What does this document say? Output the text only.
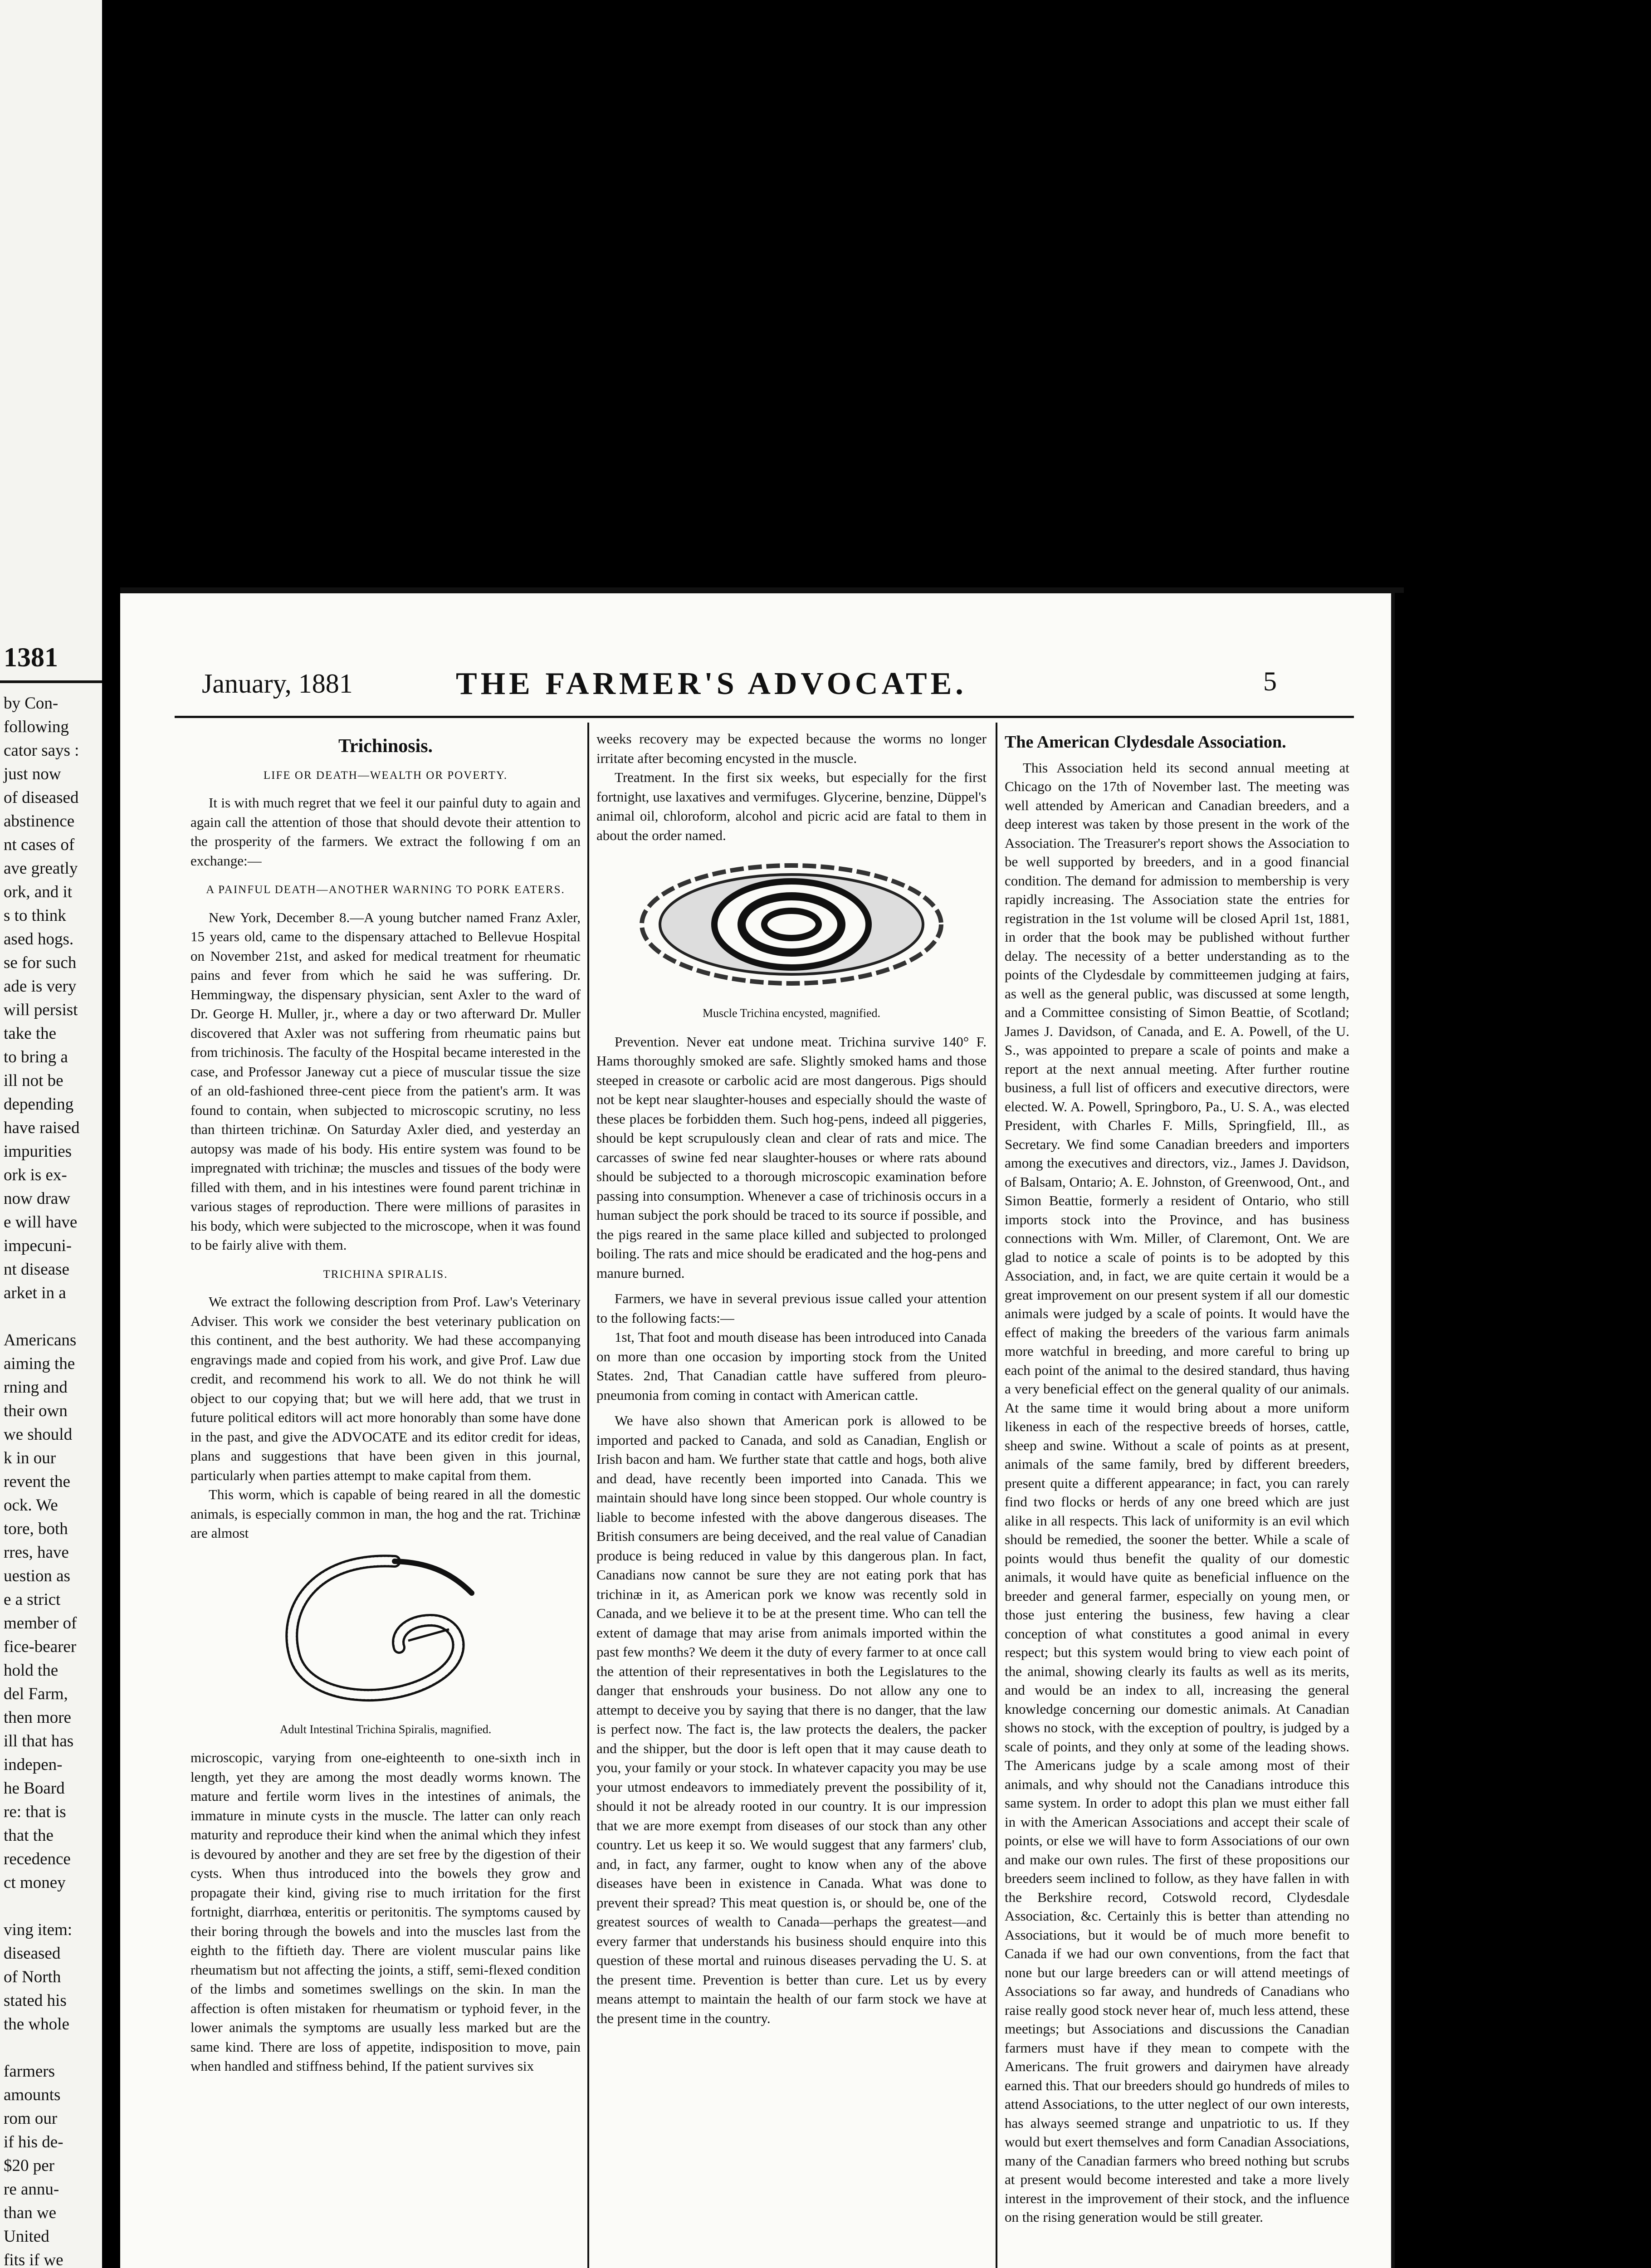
1381
by Con-
following
cator says :
just now
of diseased
abstinence
nt cases of
ave greatly
ork, and it
s to think
ased hogs.
se for such
ade is very
will persist
take the
to bring a
ill not be
depending
have raised
impurities
ork is ex-
now draw
e will have
impecuni-
nt disease
arket in a
Americans
aiming the
rning and
their own
we should
k in our
revent the
ock. We
tore, both
rres, have
uestion as
e a strict
member of
fice-bearer
hold the
del Farm,
then more
ill that has
indepen-
he Board
re: that is
that the
recedence
ct money
ving item:
diseased
of North
stated his
the whole
farmers
amounts
rom our
if his de-
$20 per
re annu-
than we
United
fits if we
January, 1881	THE FARMER'S ADVOCATE.	5
Trichinosis.
LIFE OR DEATH—WEALTH OR POVERTY.

It is with much regret that we feel it our painful duty to again and again call the attention of those that should devote their attention to the prosperity of the farmers. We extract the following f om an exchange:—

A PAINFUL DEATH—ANOTHER WARNING TO PORK EATERS.

New York, December 8.—A young butcher named Franz Axler, 15 years old, came to the dispensary attached to Bellevue Hospital on November 21st, and asked for medical treatment for rheumatic pains and fever from which he said he was suffering. Dr. Hemmingway, the dispensary physician, sent Axler to the ward of Dr. George H. Muller, jr., where a day or two afterward Dr. Muller discovered that Axler was not suffering from rheumatic pains but from trichinosis. The faculty of the Hospital became interested in the case, and Professor Janeway cut a piece of muscular tissue the size of an old-fashioned three-cent piece from the patient's arm. It was found to contain, when subjected to microscopic scrutiny, no less than thirteen trichinæ. On Saturday Axler died, and yesterday an autopsy was made of his body. His entire system was found to be impregnated with trichinæ; the muscles and tissues of the body were filled with them, and in his intestines were found parent trichinæ in various stages of reproduction. There were millions of parasites in his body, which were subjected to the microscope, when it was found to be fairly alive with them.

TRICHINA SPIRALIS.

We extract the following description from Prof. Law's Veterinary Adviser. This work we consider the best veterinary publication on this continent, and the best authority. We had these accompanying engravings made and copied from his work, and give Prof. Law due credit, and recommend his work to all. We do not think he will object to our copying that; but we will here add, that we trust in future political editors will act more honorably than some have done in the past, and give the ADVOCATE and its editor credit for ideas, plans and suggestions that have been given in this journal, particularly when parties attempt to make capital from them.

This worm, which is capable of being reared in all the domestic animals, is especially common in man, the hog and the rat. Trichinæ are almost

Adult Intestinal Trichina Spiralis, magnified.

microscopic, varying from one-eighteenth to one-sixth inch in length, yet they are among the most deadly worms known. The mature and fertile worm lives in the intestines of animals, the immature in minute cysts in the muscle. The latter can only reach maturity and reproduce their kind when the animal which they infest is devoured by another and they are set free by the digestion of their cysts. When thus introduced into the bowels they grow and propagate their kind, giving rise to much irritation for the first fortnight, diarrhœa, enteritis or peritonitis. The symptoms caused by their boring through the bowels and into the muscles last from the eighth to the fiftieth day. There are violent muscular pains like rheumatism but not affecting the joints, a stiff, semi-flexed condition of the limbs and sometimes swellings on the skin. In man the affection is often mistaken for rheumatism or typhoid fever, in the lower animals the symptoms are usually less marked but are the same kind. There are loss of appetite, indisposition to move, pain when handled and stiffness behind, If the patient survives six

weeks recovery may be expected because the worms no longer irritate after becoming encysted in the muscle.

Treatment. In the first six weeks, but especially for the first fortnight, use laxatives and vermifuges. Glycerine, benzine, Düppel's animal oil, chloroform, alcohol and picric acid are fatal to them in about the order named.

Muscle Trichina encysted, magnified.

Prevention. Never eat undone meat. Trichina survive 140° F. Hams thoroughly smoked are safe. Slightly smoked hams and those steeped in creasote or carbolic acid are most dangerous. Pigs should not be kept near slaughter-houses and especially should the waste of these places be forbidden them. Such hog-pens, indeed all piggeries, should be kept scrupulously clean and clear of rats and mice. The carcasses of swine fed near slaughter-houses or where rats abound should be subjected to a thorough microscopic examination before passing into consumption. Whenever a case of trichinosis occurs in a human subject the pork should be traced to its source if possible, and the pigs reared in the same place killed and subjected to prolonged boiling. The rats and mice should be eradicated and the hog-pens and manure burned.

Farmers, we have in several previous issue called your attention to the following facts:—

1st, That foot and mouth disease has been introduced into Canada on more than one occasion by importing stock from the United States. 2nd, That Canadian cattle have suffered from pleuro-pneumonia from coming in contact with American cattle.

We have also shown that American pork is allowed to be imported and packed to Canada, and sold as Canadian, English or Irish bacon and ham. We further state that cattle and hogs, both alive and dead, have recently been imported into Canada. This we maintain should have long since been stopped. Our whole country is liable to become infested with the above dangerous diseases. The British consumers are being deceived, and the real value of Canadian produce is being reduced in value by this dangerous plan. In fact, Canadians now cannot be sure they are not eating pork that has trichinæ in it, as American pork we know was recently sold in Canada, and we believe it to be at the present time. Who can tell the extent of damage that may arise from animals imported within the past few months? We deem it the duty of every farmer to at once call the attention of their representatives in both the Legislatures to the danger that enshrouds your business. Do not allow any one to attempt to deceive you by saying that there is no danger, that the law is perfect now. The fact is, the law protects the dealers, the packer and the shipper, but the door is left open that it may cause death to you, your family or your stock. In whatever capacity you may be use your utmost endeavors to immediately prevent the possibility of it, should it not be already rooted in our country. It is our impression that we are more exempt from diseases of our stock than any other country. Let us keep it so. We would suggest that any farmers' club, and, in fact, any farmer, ought to know when any of the above diseases have been in existence in Canada. What was done to prevent their spread? This meat question is, or should be, one of the greatest sources of wealth to Canada—perhaps the greatest—and every farmer that understands his business should enquire into this question of these mortal and ruinous diseases pervading the U. S. at the present time. Prevention is better than cure. Let us by every means attempt to maintain the health of our farm stock we have at the present time in the country.

The American Clydesdale Association.

This Association held its second annual meeting at Chicago on the 17th of November last. The meeting was well attended by American and Canadian breeders, and a deep interest was taken by those present in the work of the Association. The Treasurer's report shows the Association to be well supported by breeders, and in a good financial condition. The demand for admission to membership is very rapidly increasing. The Association state the entries for registration in the 1st volume will be closed April 1st, 1881, in order that the book may be published without further delay. The necessity of a better understanding as to the points of the Clydesdale by committeemen judging at fairs, as well as the general public, was discussed at some length, and a Committee consisting of Simon Beattie, of Scotland; James J. Davidson, of Canada, and E. A. Powell, of the U. S., was appointed to prepare a scale of points and make a report at the next annual meeting. After further routine business, a full list of officers and executive directors, were elected. W. A. Powell, Springboro, Pa., U. S. A., was elected President, with Charles F. Mills, Springfield, Ill., as Secretary. We find some Canadian breeders and importers among the executives and directors, viz., James J. Davidson, of Balsam, Ontario; A. E. Johnston, of Greenwood, Ont., and Simon Beattie, formerly a resident of Ontario, who still imports stock into the Province, and has business connections with Wm. Miller, of Claremont, Ont. We are glad to notice a scale of points is to be adopted by this Association, and, in fact, we are quite certain it would be a great improvement on our present system if all our domestic animals were judged by a scale of points. It would have the effect of making the breeders of the various farm animals more watchful in breeding, and more careful to bring up each point of the animal to the desired standard, thus having a very beneficial effect on the general quality of our animals. At the same time it would bring about a more uniform likeness in each of the respective breeds of horses, cattle, sheep and swine. Without a scale of points as at present, animals of the same family, bred by different breeders, present quite a different appearance; in fact, you can rarely find two flocks or herds of any one breed which are just alike in all respects. This lack of uniformity is an evil which should be remedied, the sooner the better. While a scale of points would thus benefit the quality of our domestic animals, it would have quite as beneficial influence on the breeder and general farmer, especially on young men, or those just entering the business, few having a clear conception of what constitutes a good animal in every respect; but this system would bring to view each point of the animal, showing clearly its faults as well as its merits, and would be an index to all, increasing the general knowledge concerning our domestic animals. At Canadian shows no stock, with the exception of poultry, is judged by a scale of points, and they only at some of the leading shows. The Americans judge by a scale among most of their animals, and why should not the Canadians introduce this same system. In order to adopt this plan we must either fall in with the American Associations and accept their scale of points, or else we will have to form Associations of our own and make our own rules. The first of these propositions our breeders seem inclined to follow, as they have fallen in with the Berkshire record, Cotswold record, Clydesdale Association, &c. Certainly this is better than attending no Associations, but it would be of much more benefit to Canada if we had our own conventions, from the fact that none but our large breeders can or will attend meetings of Associations so far away, and hundreds of Canadians who raise really good stock never hear of, much less attend, these meetings; but Associations and discussions the Canadian farmers must have if they mean to compete with the Americans. The fruit growers and dairymen have already earned this. That our breeders should go hundreds of miles to attend Associations, to the utter neglect of our own interests, has always seemed strange and unpatriotic to us. If they would but exert themselves and form Canadian Associations, many of the Canadian farmers who breed nothing but scrubs at present would become interested and take a more lively interest in the improvement of their stock, and the influence on the rising generation would be still greater.
